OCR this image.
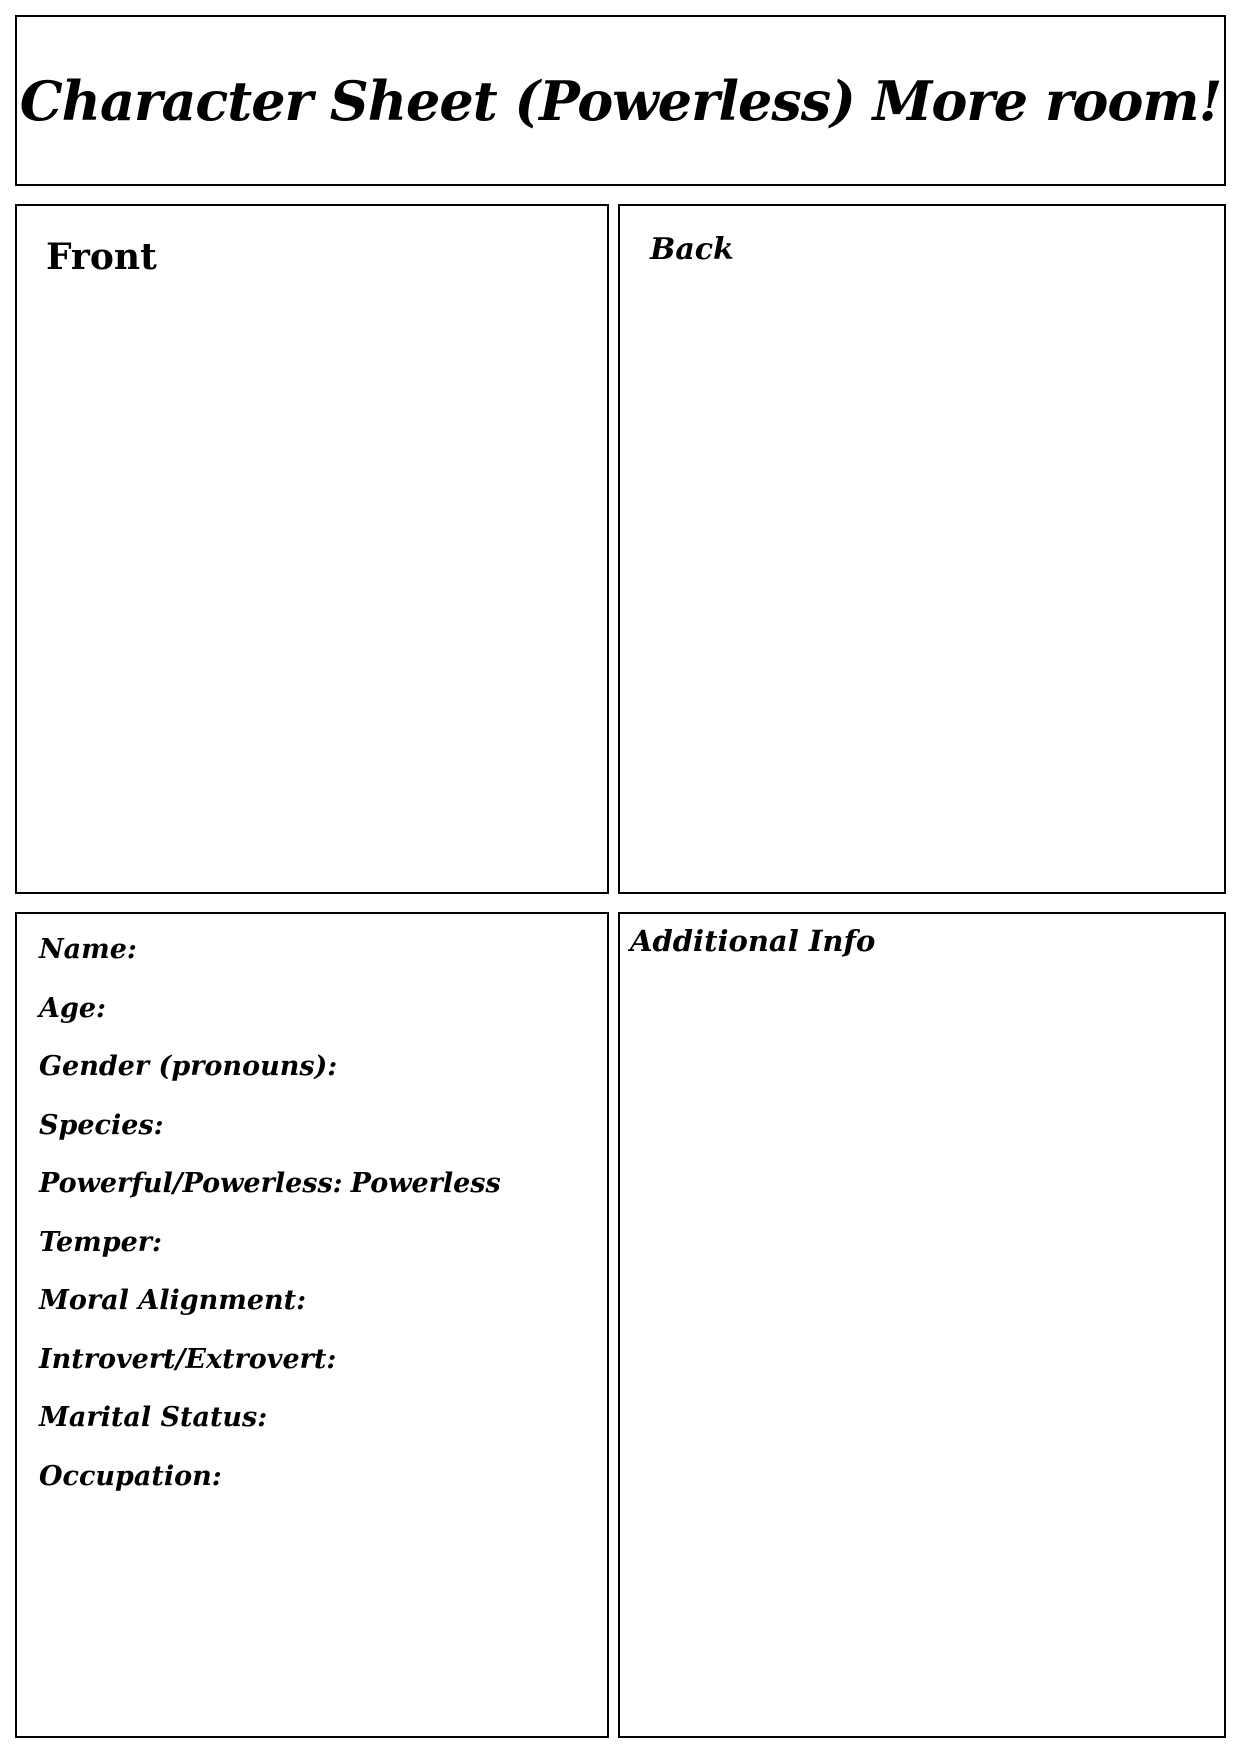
Character Sheet (Powerless) More room!
Front	Back
Name:
Age:
Gender (pronouns):
Species:
Powerful/Powerless: Powerless
Temper:
Moral Alignment:
Introvert/Extrovert:
Marital Status:
Occupation:
Additional Info
